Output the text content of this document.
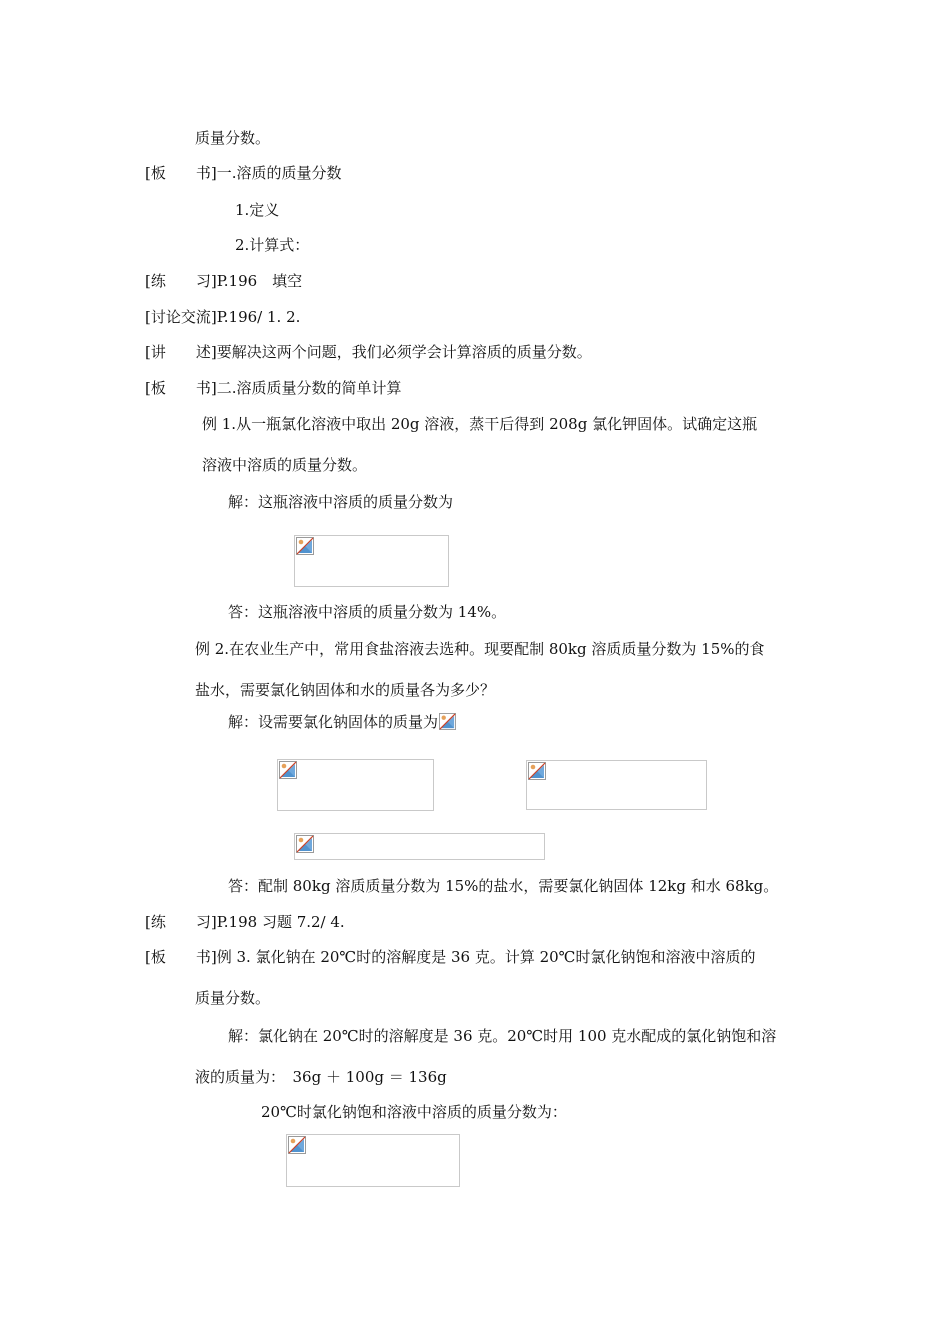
质量分数。
[板　　书]一.溶质的质量分数
1.定义
2.计算式：
[练　　习]P.196　填空
[讨论交流]P.196/ 1. 2.
[讲　　述]要解决这两个问题，我们必须学会计算溶质的质量分数。
[板　　书]二.溶质质量分数的简单计算
例 1.从一瓶氯化溶液中取出 20g 溶液，蒸干后得到 208g 氯化钾固体。试确定这瓶
溶液中溶质的质量分数。
解：这瓶溶液中溶质的质量分数为
答：这瓶溶液中溶质的质量分数为 14%。
例 2.在农业生产中，常用食盐溶液去选种。现要配制 80kg 溶质质量分数为 15%的食
盐水，需要氯化钠固体和水的质量各为多少？
解：设需要氯化钠固体的质量为
答：配制 80kg 溶质质量分数为 15%的盐水，需要氯化钠固体 12kg 和水 68kg。
[练　　习]P.198 习题 7.2/ 4.
[板　　书]例 3. 氯化钠在 20℃时的溶解度是 36 克。计算 20℃时氯化钠饱和溶液中溶质的
质量分数。
解：氯化钠在 20℃时的溶解度是 36 克。20℃时用 100 克水配成的氯化钠饱和溶
液的质量为：　36g ＋ 100g ＝ 136g
20℃时氯化钠饱和溶液中溶质的质量分数为：
